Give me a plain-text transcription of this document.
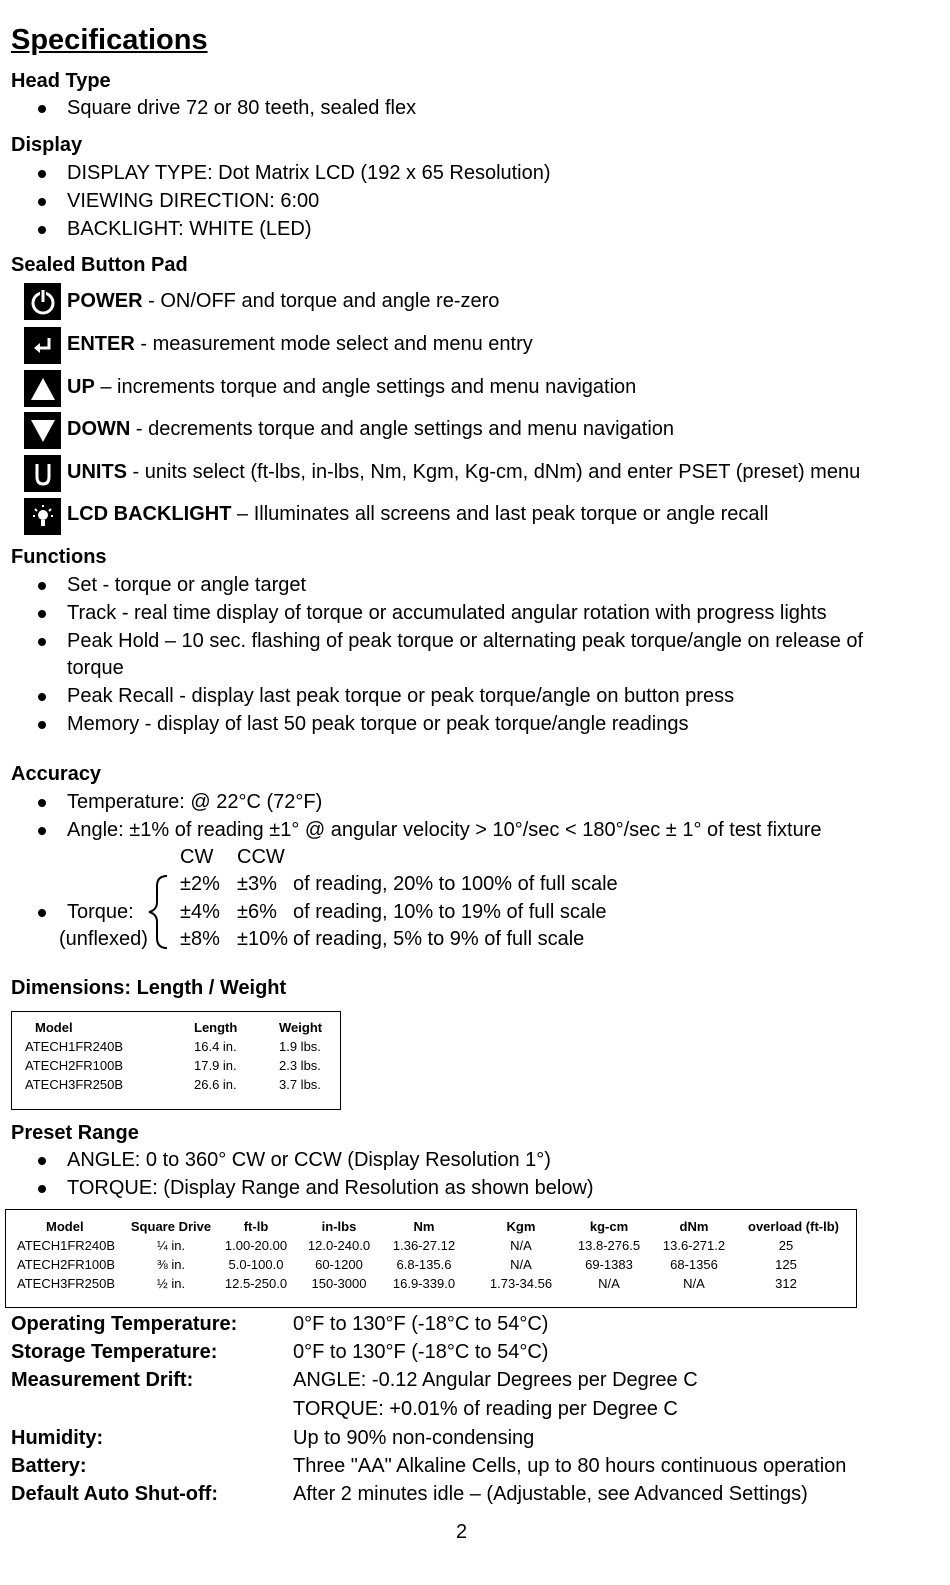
Specifications
Head Type
Square drive 72 or 80 teeth, sealed flex
Display
DISPLAY TYPE: Dot Matrix LCD (192 x 65 Resolution)
VIEWING DIRECTION: 6:00
BACKLIGHT: WHITE (LED)
Sealed Button Pad
POWER - ON/OFF and torque and angle re-zero
ENTER - measurement mode select and menu entry
UP – increments torque and angle settings and menu navigation
DOWN - decrements torque and angle settings and menu navigation
UNITS - units select (ft-lbs, in-lbs, Nm, Kgm, Kg-cm, dNm) and enter PSET (preset) menu
LCD BACKLIGHT – Illuminates all screens and last peak torque or angle recall
Functions
Set - torque or angle target
Track - real time display of torque or accumulated angular rotation with progress lights
Peak Hold – 10 sec. flashing of peak torque or alternating peak torque/angle on release of
torque
Peak Recall - display last peak torque or peak torque/angle on button press
Memory - display of last 50 peak torque or peak torque/angle readings
Accuracy
Temperature: @ 22°C (72°F)
Angle: ±1% of reading ±1° @ angular velocity > 10°/sec < 180°/sec ± 1° of test fixture
CW CCW
±2% ±3% of reading, 20% to 100% of full scale
Torque: ±4% ±6% of reading, 10% to 19% of full scale
(unflexed) ±8% ±10% of reading, 5% to 9% of full scale
Dimensions: Length / Weight
Model	Length	Weight
ATECH1FR240B	16.4 in.	1.9 lbs.
ATECH2FR100B	17.9 in.	2.3 lbs.
ATECH3FR250B	26.6 in.	3.7 lbs.
Preset Range
ANGLE: 0 to 360° CW or CCW (Display Resolution 1°)
TORQUE: (Display Range and Resolution as shown below)
Model	Square Drive	ft-lb	in-lbs	Nm	Kgm	kg-cm	dNm	overload (ft-lb)
ATECH1FR240B	¼ in.	1.00-20.00	12.0-240.0	1.36-27.12	N/A	13.8-276.5	13.6-271.2	25
ATECH2FR100B	⅜ in.	5.0-100.0	60-1200	6.8-135.6	N/A	69-1383	68-1356	125
ATECH3FR250B	½ in.	12.5-250.0	150-3000	16.9-339.0	1.73-34.56	N/A	N/A	312
Operating Temperature:	0°F to 130°F (-18°C to 54°C)
Storage Temperature:	0°F to 130°F (-18°C to 54°C)
Measurement Drift:	ANGLE: -0.12 Angular Degrees per Degree C
TORQUE: +0.01% of reading per Degree C
Humidity:	Up to 90% non-condensing
Battery:	Three "AA" Alkaline Cells, up to 80 hours continuous operation
Default Auto Shut-off:	After 2 minutes idle – (Adjustable, see Advanced Settings)
2
